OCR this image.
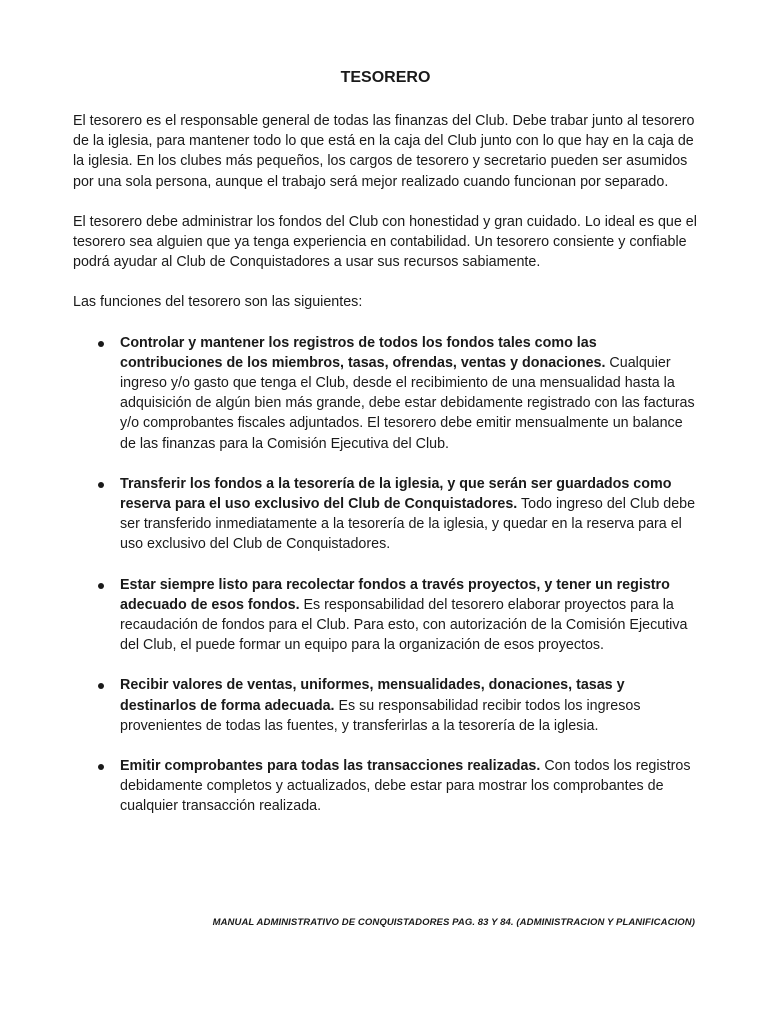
TESORERO

El tesorero es el responsable general de todas las finanzas del Club. Debe trabar junto al tesorero de la iglesia, para mantener todo lo que está en la caja del Club junto con lo que hay en la caja de la iglesia. En los clubes más pequeños, los cargos de tesorero y secretario pueden ser asumidos por una sola persona, aunque el trabajo será mejor realizado cuando funcionan por separado.

El tesorero debe administrar los fondos del Club con honestidad y gran cuidado. Lo ideal es que el tesorero sea alguien que ya tenga experiencia en contabilidad. Un tesorero consiente y confiable podrá ayudar al Club de Conquistadores a usar sus recursos sabiamente.

Las funciones del tesorero son las siguientes:

Controlar y mantener los registros de todos los fondos tales como las contribuciones de los miembros, tasas, ofrendas, ventas y donaciones. Cualquier ingreso y/o gasto que tenga el Club, desde el recibimiento de una mensualidad hasta la adquisición de algún bien más grande, debe estar debidamente registrado con las facturas y/o comprobantes fiscales adjuntados. El tesorero debe emitir mensualmente un balance de las finanzas para la Comisión Ejecutiva del Club.
Transferir los fondos a la tesorería de la iglesia, y que serán ser guardados como reserva para el uso exclusivo del Club de Conquistadores. Todo ingreso del Club debe ser transferido inmediatamente a la tesorería de la iglesia, y quedar en la reserva para el uso exclusivo del Club de Conquistadores.
Estar siempre listo para recolectar fondos a través proyectos, y tener un registro adecuado de esos fondos. Es responsabilidad del tesorero elaborar proyectos para la recaudación de fondos para el Club. Para esto, con autorización de la Comisión Ejecutiva del Club, el puede formar un equipo para la organización de esos proyectos.
Recibir valores de ventas, uniformes, mensualidades, donaciones, tasas y destinarlos de forma adecuada. Es su responsabilidad recibir todos los ingresos provenientes de todas las fuentes, y transferirlas a la tesorería de la iglesia.
Emitir comprobantes para todas las transacciones realizadas. Con todos los registros debidamente completos y actualizados, debe estar para mostrar los comprobantes de cualquier transacción realizada.
MANUAL ADMINISTRATIVO DE CONQUISTADORES PAG. 83 Y 84. (ADMINISTRACION Y PLANIFICACION)
